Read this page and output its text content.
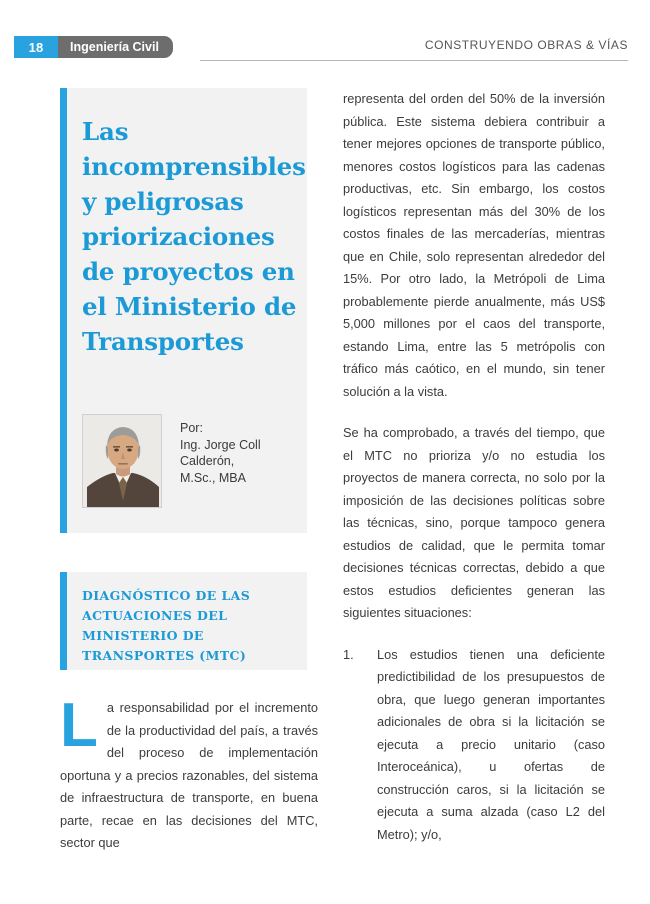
18	Ingeniería Civil	CONSTRUYENDO OBRAS & VÍAS
Las incomprensibles y peligrosas priorizaciones de proyectos en el Ministerio de Transportes
Por:
Ing. Jorge Coll Calderón,
M.Sc., MBA
DIAGNÓSTICO DE LAS ACTUACIONES DEL MINISTERIO DE TRANSPORTES (MTC)
La responsabilidad por el incremento de la productividad del país, a través del proceso de implementación oportuna y a precios razonables, del sistema de infraestructura de transporte, en buena parte, recae en las decisiones del MTC, sector que

representa del orden del 50% de la inversión pública. Este sistema debiera contribuir a tener mejores opciones de transporte público, menores costos logísticos para las cadenas productivas, etc. Sin embargo, los costos logísticos representan más del 30% de los costos finales de las mercaderías, mientras que en Chile, solo representan alrededor del 15%. Por otro lado, la Metrópoli de Lima probablemente pierde anualmente, más US$ 5,000 millones por el caos del transporte, estando Lima, entre las 5 metrópolis con tráfico más caótico, en el mundo, sin tener solución a la vista.

Se ha comprobado, a través del tiempo, que el MTC no prioriza y/o no estudia los proyectos de manera correcta, no solo por la imposición de las decisiones políticas sobre las técnicas, sino, porque tampoco genera estudios de calidad, que le permita tomar decisiones técnicas correctas, debido a que estos estudios deficientes generan las siguientes situaciones:

1.	Los estudios tienen una deficiente predictibilidad de los presupuestos de obra, que luego generan importantes adicionales de obra si la licitación se ejecuta a precio unitario (caso Interoceánica), u ofertas de construcción caros, si la licitación se ejecuta a suma alzada (caso L2 del Metro); y/o,
